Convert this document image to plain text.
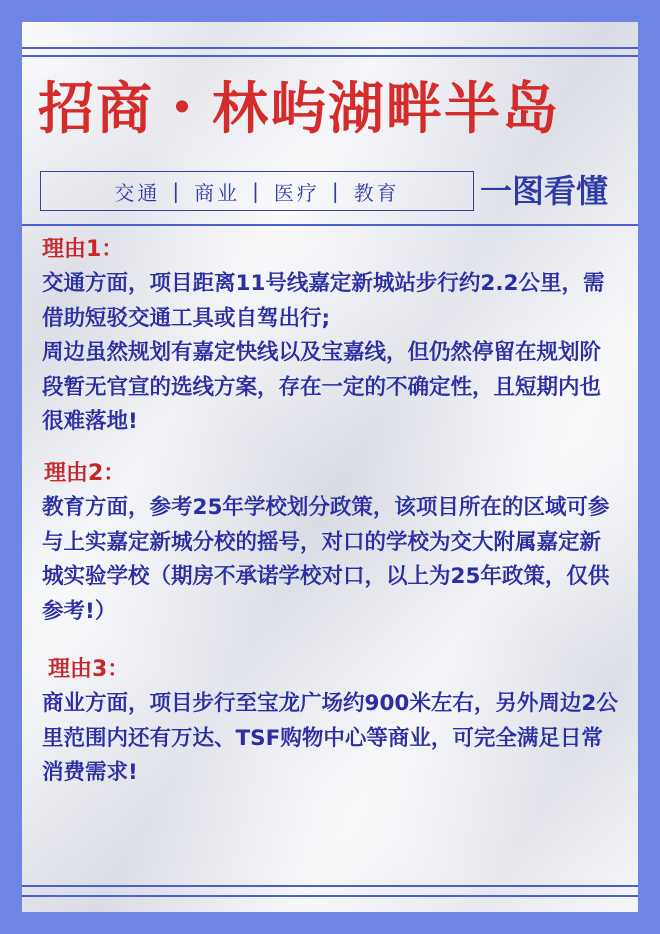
招商・林屿湖畔半岛
交通 | 商业 | 医疗 | 教育	一图看懂
理由1：
交通方面，项目距离11号线嘉定新城站步行约2.2公里，需借助短驳交通工具或自驾出行;
周边虽然规划有嘉定快线以及宝嘉线，但仍然停留在规划阶段暂无官宣的选线方案，存在一定的不确定性，且短期内也很难落地!
理由2：
教育方面，参考25年学校划分政策，该项目所在的区域可参与上实嘉定新城分校的摇号，对口的学校为交大附属嘉定新城实验学校（期房不承诺学校对口，以上为25年政策，仅供参考!）
理由3：
商业方面，项目步行至宝龙广场约900米左右，另外周边2公里范围内还有万达、TSF购物中心等商业，可完全满足日常消费需求!
